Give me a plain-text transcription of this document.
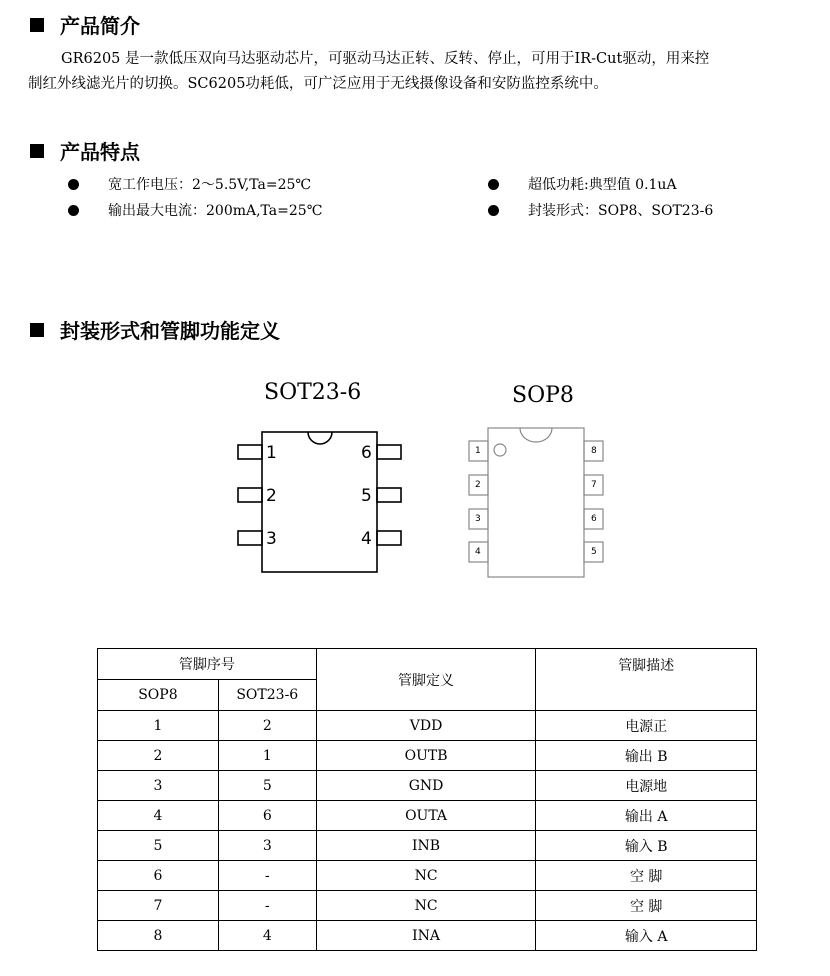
产品简介

GR6205 是一款低压双向马达驱动芯片，可驱动马达正转、反转、停止，可用于IR-Cut驱动，用来控

制红外线滤光片的切换。SC6205功耗低，可广泛应用于无线摄像设备和安防监控系统中。
产品特点
宽工作电压：2～5.5V,Ta=25℃
输出最大电流：200mA,Ta=25℃
超低功耗:典型值 0.1uA
封装形式：SOP8、SOT23-6
封装形式和管脚功能定义
SOT23-6
1
2
3
6
5
4
SOP8
1
2
3
4
8
7
6
5
管脚序号		管脚定义	管脚描述
SOP8	SOT23-6		
1	2	VDD	电源正
2	1	OUTB	输出 B
3	5	GND	电源地
4	6	OUTA	输出 A
5	3	INB	输入 B
6	-	NC	空 脚
7	-	NC	空 脚
8	4	INA	输入 A
